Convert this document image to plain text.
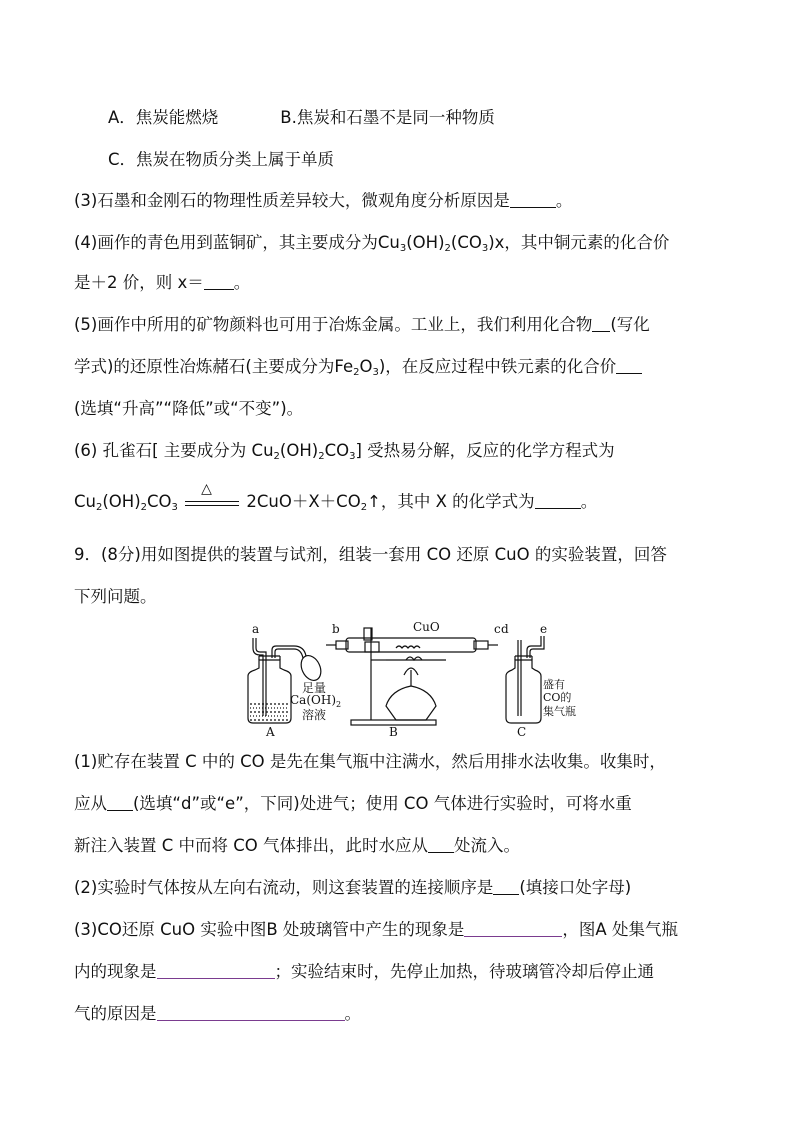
A．焦炭能燃烧	B.焦炭和石墨不是同一种物质
C．焦炭在物质分类上属于单质
(3)石墨和金刚石的物理性质差异较大，微观角度分析原因是	。
(4)画作的青色用到蓝铜矿，其主要成分为$Cu_3(OH)_2(CO_3)x$，其中铜元素的化合价
是＋2 价，则 x＝ 。
(5)画作中所用的矿物颜料也可用于冶炼金属。工业上，我们利用化合物 (写化
学式)的还原性冶炼赭石(主要成分为$Fe_2O_3$)，在反应过程中铁元素的化合价
(选填“升高”“降低”或“不变”)。
(6) 孔雀石[ 主要成分为 $Cu_2(OH)_2CO_3$] 受热易分解，反应的化学方程式为
$Cu_2(OH)_2CO_3$
△
$2CuO+X+CO_2↑$，其中 X 的化学式为	。
9．(8分)用如图提供的装置与试剂，组装一套用 CO 还原 CuO 的实验装置，回答
下列问题。
a	b	CuO	c d	e
足量
$Ca(OH)_2$
溶液
盛有
CO的
集气瓶
A	B	C
(1)贮存在装置 C 中的 CO 是先在集气瓶中注满水，然后用排水法收集。收集时，
应从 (选填“d”或“e”，下同)处进气；使用 CO 气体进行实验时，可将水重
新注入装置 C 中而将 CO 气体排出，此时水应从 处流入。
(2)实验时气体按从左向右流动，则这套装置的连接顺序是 (填接口处字母)
(3)CO还原 CuO 实验中图B 处玻璃管中产生的现象是	，图A 处集气瓶
内的现象是	；实验结束时，先停止加热，待玻璃管冷却后停止通
气的原因是	。
